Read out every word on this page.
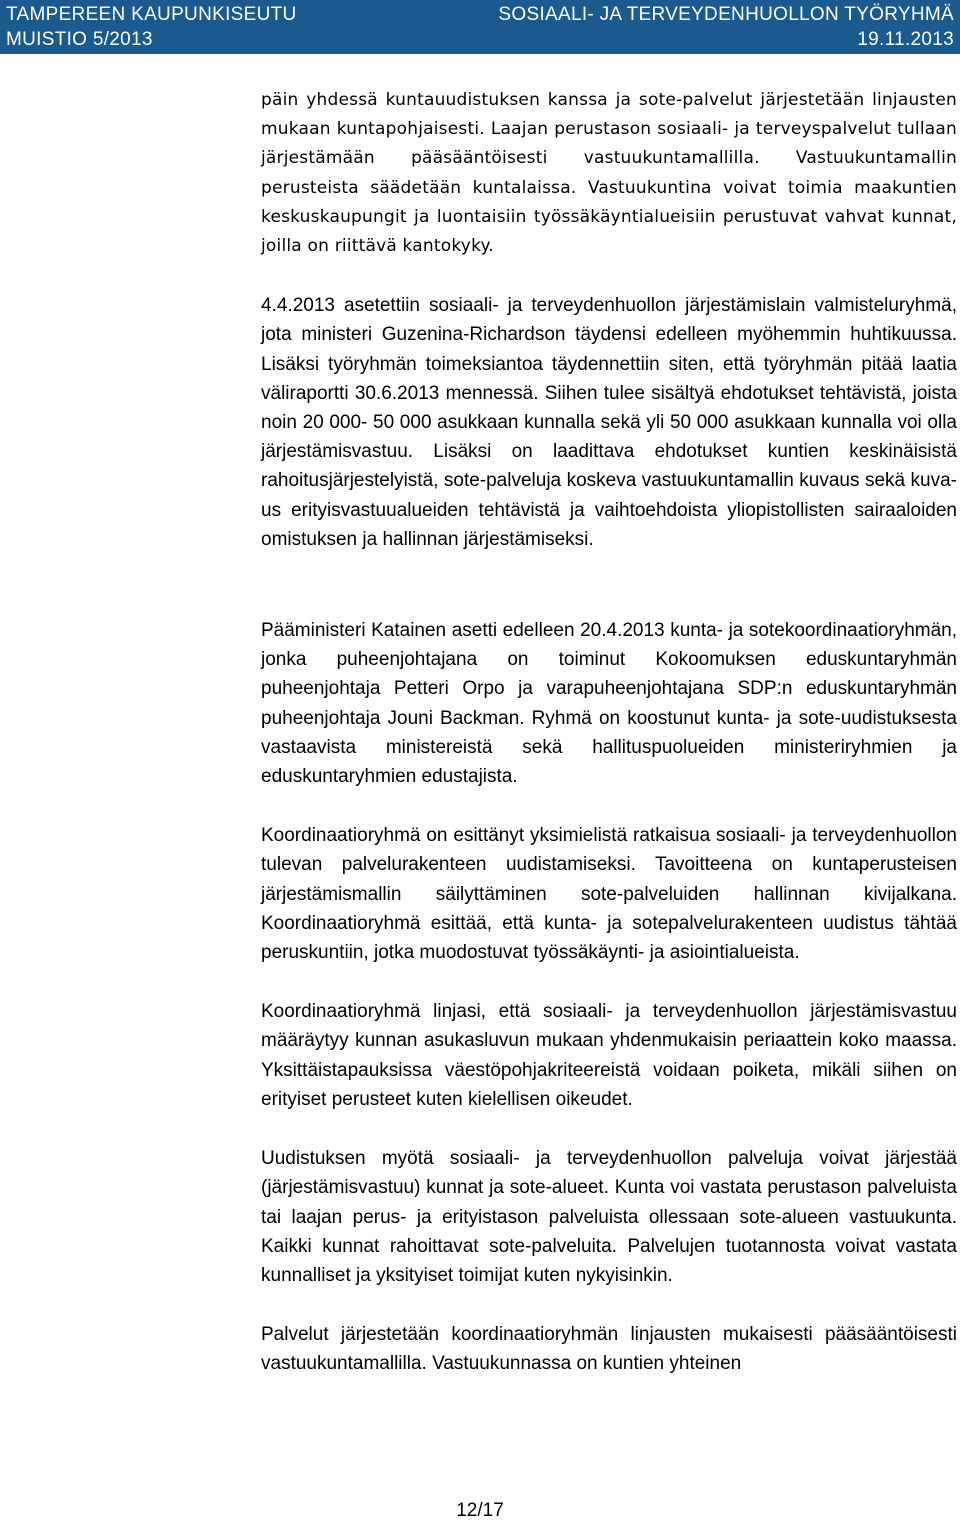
TAMPEREEN KAUPUNKISEUTU	SOSIAALI- JA TERVEYDENHUOLLON TYÖRYHMÄ
MUISTIO 5/2013	19.11.2013

päin yhdessä kuntauudistuksen kanssa ja sote-palvelut järjestetään linjausten mukaan kuntapohjaisesti. Laajan perustason sosiaali- ja terveyspalvelut tullaan järjestämään pääsääntöisesti vastuukuntamallilla. Vastuukuntamallin perusteista säädetään kuntalaissa. Vastuukuntina voivat toimia maakuntien keskuskaupungit ja luontaisiin työssäkäyntialueisiin perustuvat vahvat kunnat, joilla on riittävä kantokyky.

4.4.2013 asetettiin sosiaali- ja terveydenhuollon järjestämislain valmisteluryhmä, jota ministeri Guzenina-Richardson täydensi edelleen myöhemmin huhtikuussa. Lisäksi työryhmän toimeksiantoa täydennettiin siten, että työryhmän pitää laatia väliraportti 30.6.2013 mennessä. Siihen tulee sisältyä ehdotukset tehtävistä, joista noin 20 000- 50 000 asukkaan kunnalla sekä yli 50 000 asukkaan kunnalla voi olla järjestämisvastuu. Lisäksi on laadittava ehdotukset kuntien keskinäisistä rahoitusjärjestelyistä, sote-palveluja koskeva vastuukuntamallin kuvaus sekä kuvaus erityisvastuualueiden tehtävistä ja vaihtoehdoista yliopistollisten sairaaloiden omistuksen ja hallinnan järjestämiseksi.

Pääministeri Katainen asetti edelleen 20.4.2013 kunta- ja sotekoordinaatioryhmän, jonka puheenjohtajana on toiminut Kokoomuksen eduskuntaryhmän puheenjohtaja Petteri Orpo ja varapuheenjohtajana SDP:n eduskuntaryhmän puheenjohtaja Jouni Backman. Ryhmä on koostunut kunta- ja sote-uudistuksesta vastaavista ministereistä sekä hallituspuolueiden ministeriryhmien ja eduskuntaryhmien edustajista.

Koordinaatioryhmä on esittänyt yksimielistä ratkaisua sosiaali- ja terveydenhuollon tulevan palvelurakenteen uudistamiseksi. Tavoitteena on kuntaperusteisen järjestämismallin säilyttäminen sote-palveluiden hallinnan kivijalkana. Koordinaatioryhmä esittää, että kunta- ja sotepalvelurakenteen uudistus tähtää peruskuntiin, jotka muodostuvat työssäkäynti- ja asiointialueista.

Koordinaatioryhmä linjasi, että sosiaali- ja terveydenhuollon järjestämisvastuu määräytyy kunnan asukasluvun mukaan yhdenmukaisin periaattein koko maassa. Yksittäistapauksissa väestöpohjakriteereistä voidaan poiketa, mikäli siihen on erityiset perusteet kuten kielellisen oikeudet.

Uudistuksen myötä sosiaali- ja terveydenhuollon palveluja voivat järjestää (järjestämisvastuu) kunnat ja sote-alueet. Kunta voi vastata perustason palveluista tai laajan perus- ja erityistason palveluista ollessaan sote-alueen vastuukunta. Kaikki kunnat rahoittavat sote-palveluita. Palvelujen tuotannosta voivat vastata kunnalliset ja yksityiset toimijat kuten nykyisinkin.

Palvelut järjestetään koordinaatioryhmän linjausten mukaisesti pääsääntöisesti vastuukuntamallilla. Vastuukunnassa on kuntien yhteinen

12/17
